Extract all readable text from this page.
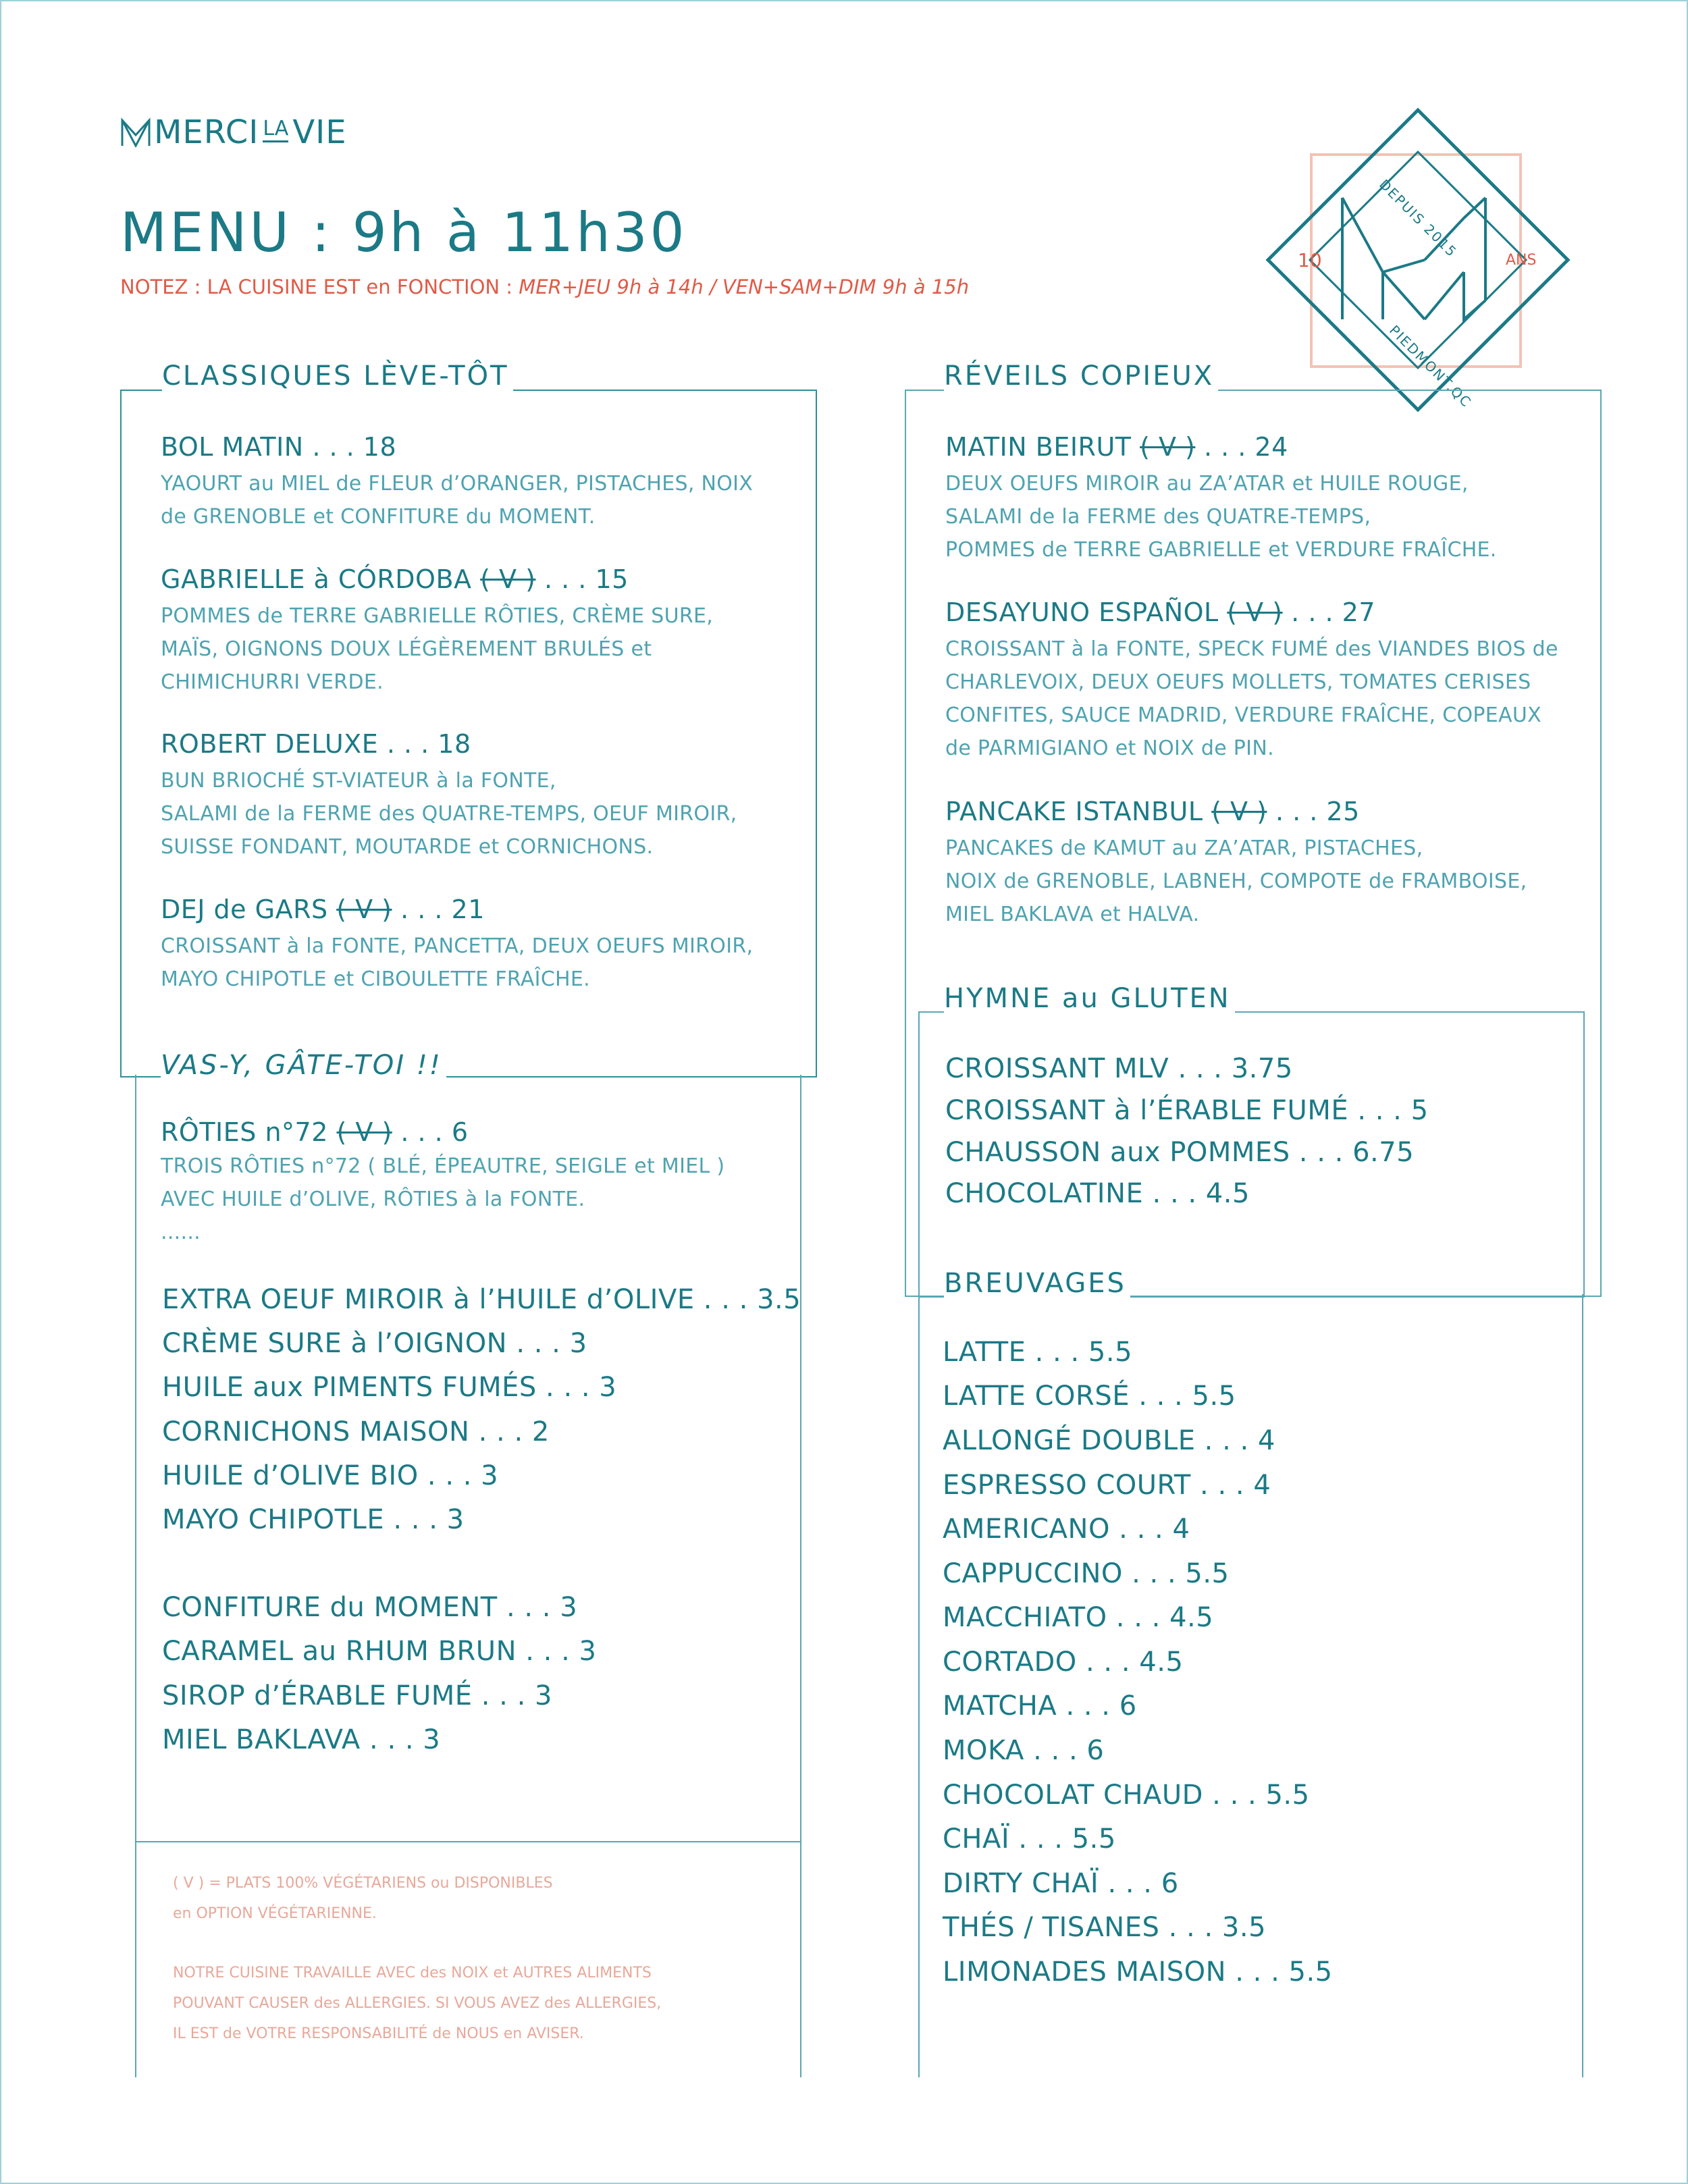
MERCI LA VIE
MENU : 9h à 11h30
NOTEZ : LA CUISINE EST en FONCTION : MER+JEU 9h à 14h / VEN+SAM+DIM 9h à 15h
DEPUIS 2015
10	ANS
PIEDMONT.QC
CLASSIQUES LÈVE-TÔT
BOL MATIN . . . 18
YAOURT au MIEL de FLEUR d’ORANGER, PISTACHES, NOIX
de GRENOBLE et CONFITURE du MOMENT.
GABRIELLE à CÓRDOBA ( V ) . . . 15
POMMES de TERRE GABRIELLE RÔTIES, CRÈME SURE,
MAÏS, OIGNONS DOUX LÉGÈREMENT BRULÉS et
CHIMICHURRI VERDE.
ROBERT DELUXE . . . 18
BUN BRIOCHÉ ST-VIATEUR à la FONTE,
SALAMI de la FERME des QUATRE-TEMPS, OEUF MIROIR,
SUISSE FONDANT, MOUTARDE et CORNICHONS.
DEJ de GARS ( V ) . . . 21
CROISSANT à la FONTE, PANCETTA, DEUX OEUFS MIROIR,
MAYO CHIPOTLE et CIBOULETTE FRAÎCHE.
RÉVEILS COPIEUX
MATIN BEIRUT ( V ) . . . 24
DEUX OEUFS MIROIR au ZA’ATAR et HUILE ROUGE,
SALAMI de la FERME des QUATRE-TEMPS,
POMMES de TERRE GABRIELLE et VERDURE FRAÎCHE.
DESAYUNO ESPAÑOL ( V ) . . . 27
CROISSANT à la FONTE, SPECK FUMÉ des VIANDES BIOS de
CHARLEVOIX, DEUX OEUFS MOLLETS, TOMATES CERISES
CONFITES, SAUCE MADRID, VERDURE FRAÎCHE, COPEAUX
de PARMIGIANO et NOIX de PIN.
PANCAKE ISTANBUL ( V ) . . . 25
PANCAKES de KAMUT au ZA’ATAR, PISTACHES,
NOIX de GRENOBLE, LABNEH, COMPOTE de FRAMBOISE,
MIEL BAKLAVA et HALVA.
HYMNE au GLUTEN
CROISSANT MLV . . . 3.75
CROISSANT à l’ÉRABLE FUMÉ . . . 5
CHAUSSON aux POMMES . . . 6.75
CHOCOLATINE . . . 4.5
VAS-Y, GÂTE-TOI !!
RÔTIES n°72 ( V ) . . . 6
TROIS RÔTIES n°72 ( BLÉ, ÉPEAUTRE, SEIGLE et MIEL )
AVEC HUILE d’OLIVE, RÔTIES à la FONTE.
......
EXTRA OEUF MIROIR à l’HUILE d’OLIVE . . . 3.5
CRÈME SURE à l’OIGNON . . . 3
HUILE aux PIMENTS FUMÉS . . . 3
CORNICHONS MAISON . . . 2
HUILE d’OLIVE BIO . . . 3
MAYO CHIPOTLE . . . 3
CONFITURE du MOMENT . . . 3
CARAMEL au RHUM BRUN . . . 3
SIROP d’ÉRABLE FUMÉ . . . 3
MIEL BAKLAVA . . . 3
( V ) = PLATS 100% VÉGÉTARIENS ou DISPONIBLES
en OPTION VÉGÉTARIENNE.
NOTRE CUISINE TRAVAILLE AVEC des NOIX et AUTRES ALIMENTS
POUVANT CAUSER des ALLERGIES. SI VOUS AVEZ des ALLERGIES,
IL EST de VOTRE RESPONSABILITÉ de NOUS en AVISER.
BREUVAGES
LATTE . . . 5.5
LATTE CORSÉ . . . 5.5
ALLONGÉ DOUBLE . . . 4
ESPRESSO COURT . . . 4
AMERICANO . . . 4
CAPPUCCINO . . . 5.5
MACCHIATO . . . 4.5
CORTADO . . . 4.5
MATCHA . . . 6
MOKA . . . 6
CHOCOLAT CHAUD . . . 5.5
CHAÏ . . . 5.5
DIRTY CHAÏ . . . 6
THÉS / TISANES . . . 3.5
LIMONADES MAISON . . . 5.5
